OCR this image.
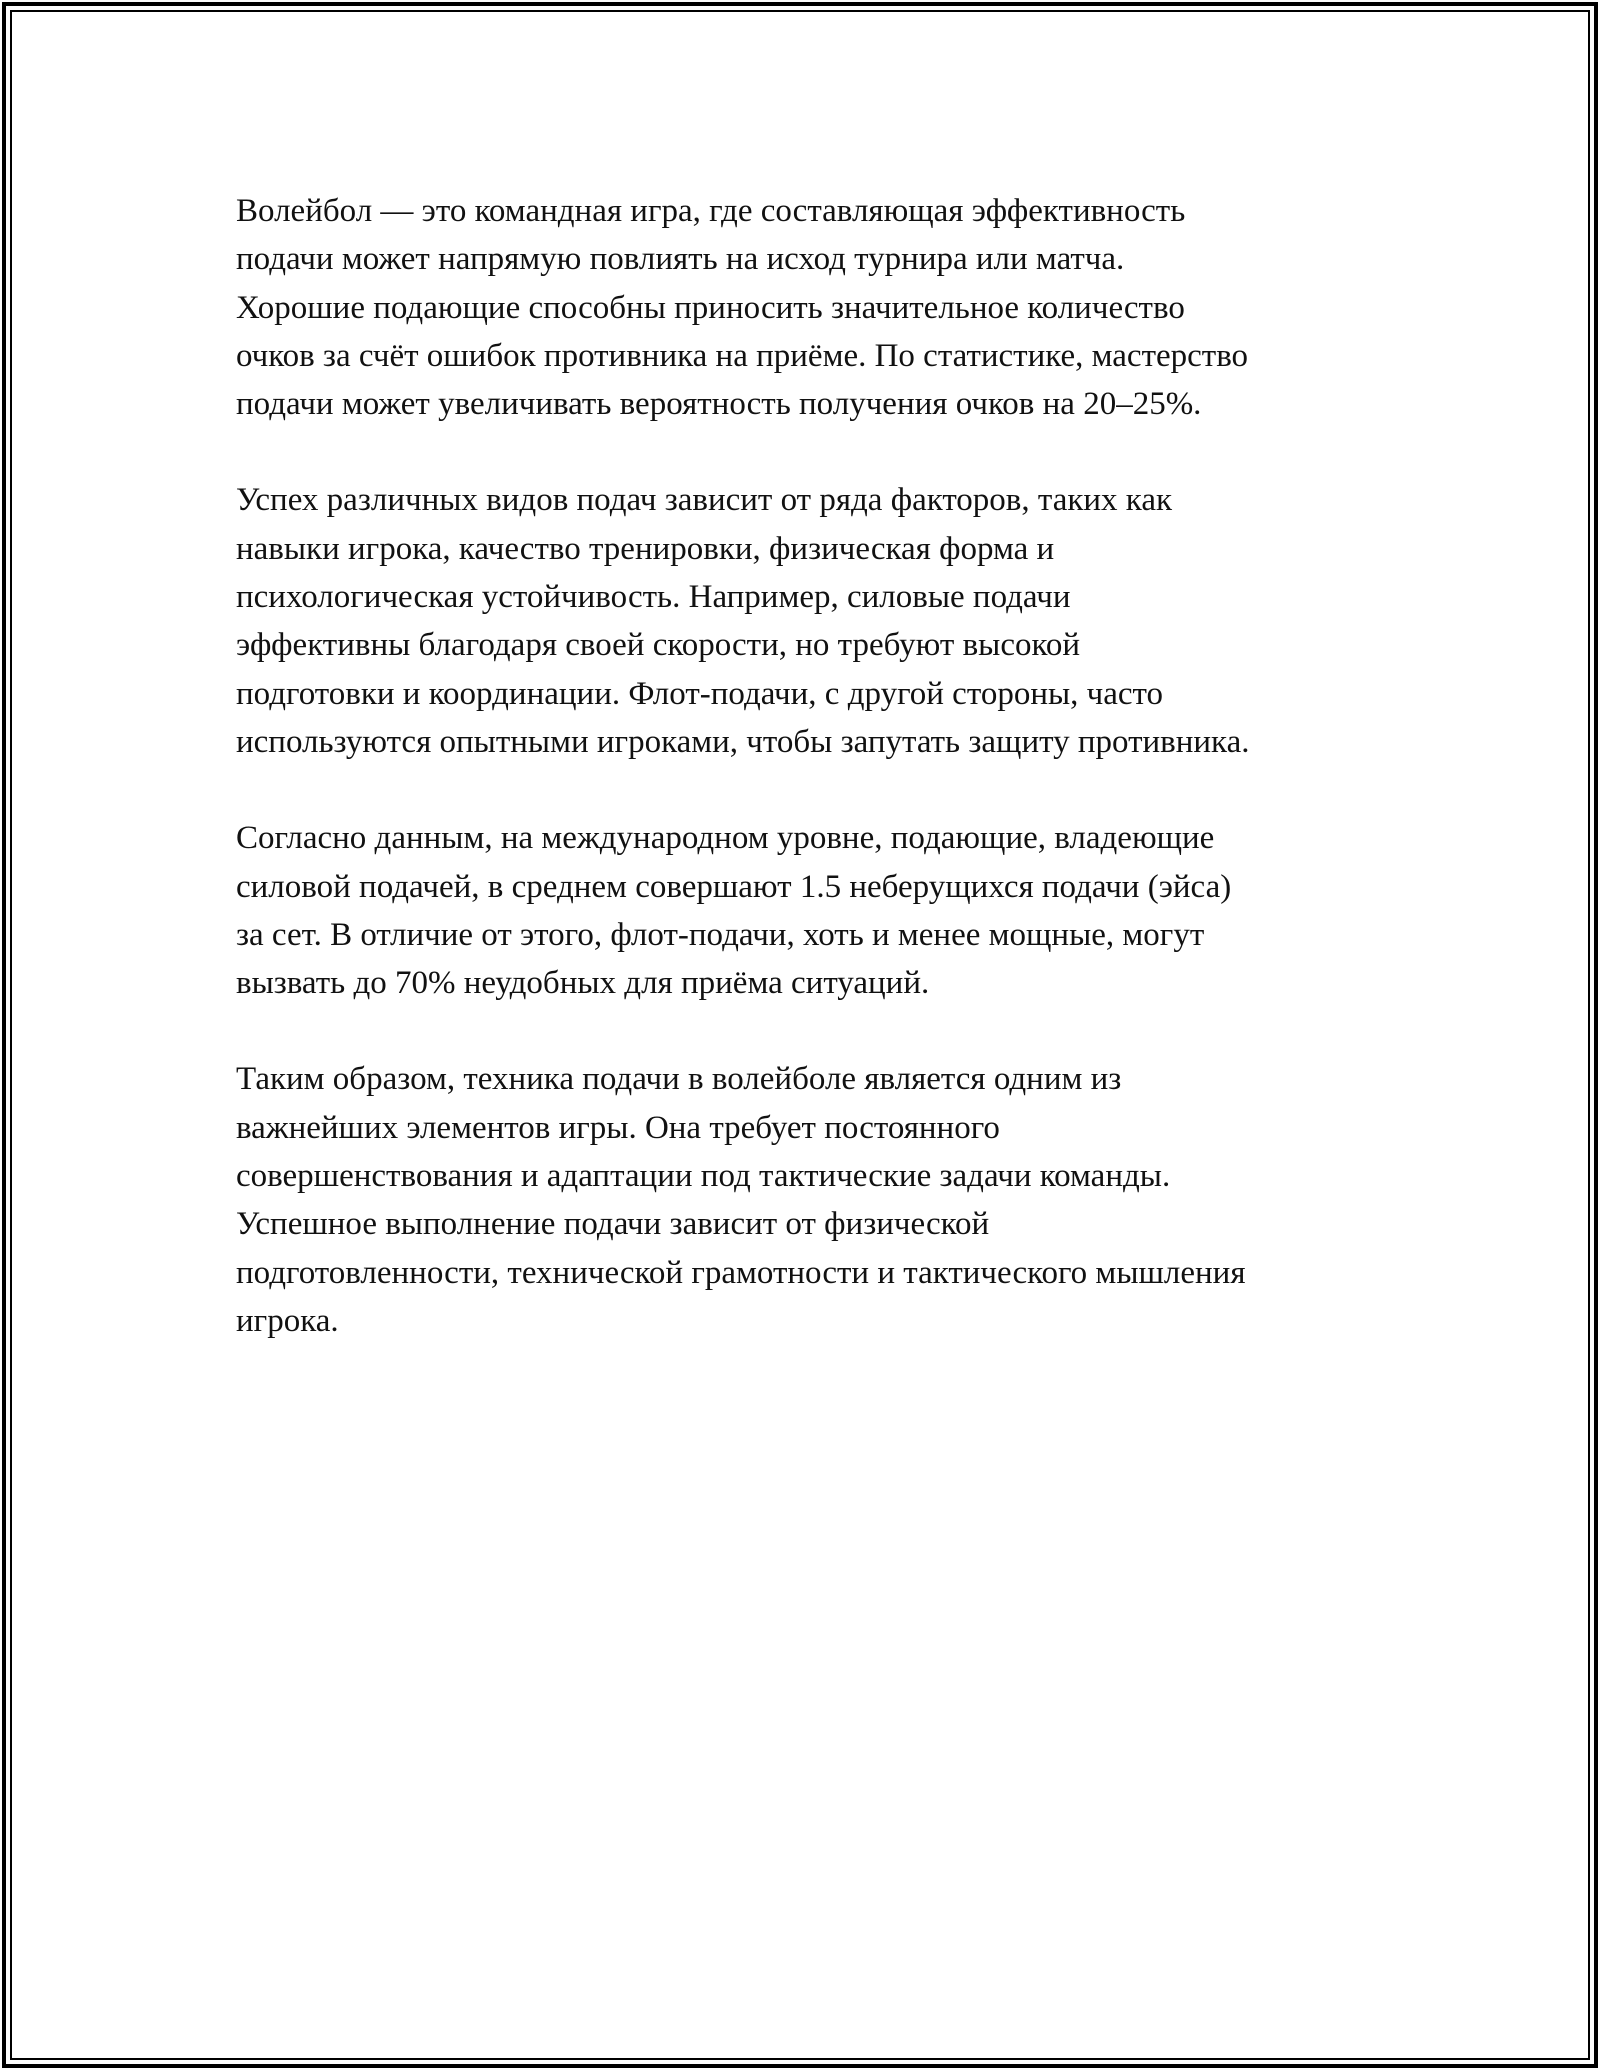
Волейбол — это командная игра, где составляющая эффективность
подачи может напрямую повлиять на исход турнира или матча.
Хорошие подающие способны приносить значительное количество
очков за счёт ошибок противника на приёме. По статистике, мастерство
подачи может увеличивать вероятность получения очков на 20–25%.

Успех различных видов подач зависит от ряда факторов, таких как
навыки игрока, качество тренировки, физическая форма и
психологическая устойчивость. Например, силовые подачи
эффективны благодаря своей скорости, но требуют высокой
подготовки и координации. Флот-подачи, с другой стороны, часто
используются опытными игроками, чтобы запутать защиту противника.

Согласно данным, на международном уровне, подающие, владеющие
силовой подачей, в среднем совершают 1.5 неберущихся подачи (эйса)
за сет. В отличие от этого, флот-подачи, хоть и менее мощные, могут
вызвать до 70% неудобных для приёма ситуаций.

Таким образом, техника подачи в волейболе является одним из
важнейших элементов игры. Она требует постоянного
совершенствования и адаптации под тактические задачи команды.
Успешное выполнение подачи зависит от физической
подготовленности, технической грамотности и тактического мышления
игрока.
